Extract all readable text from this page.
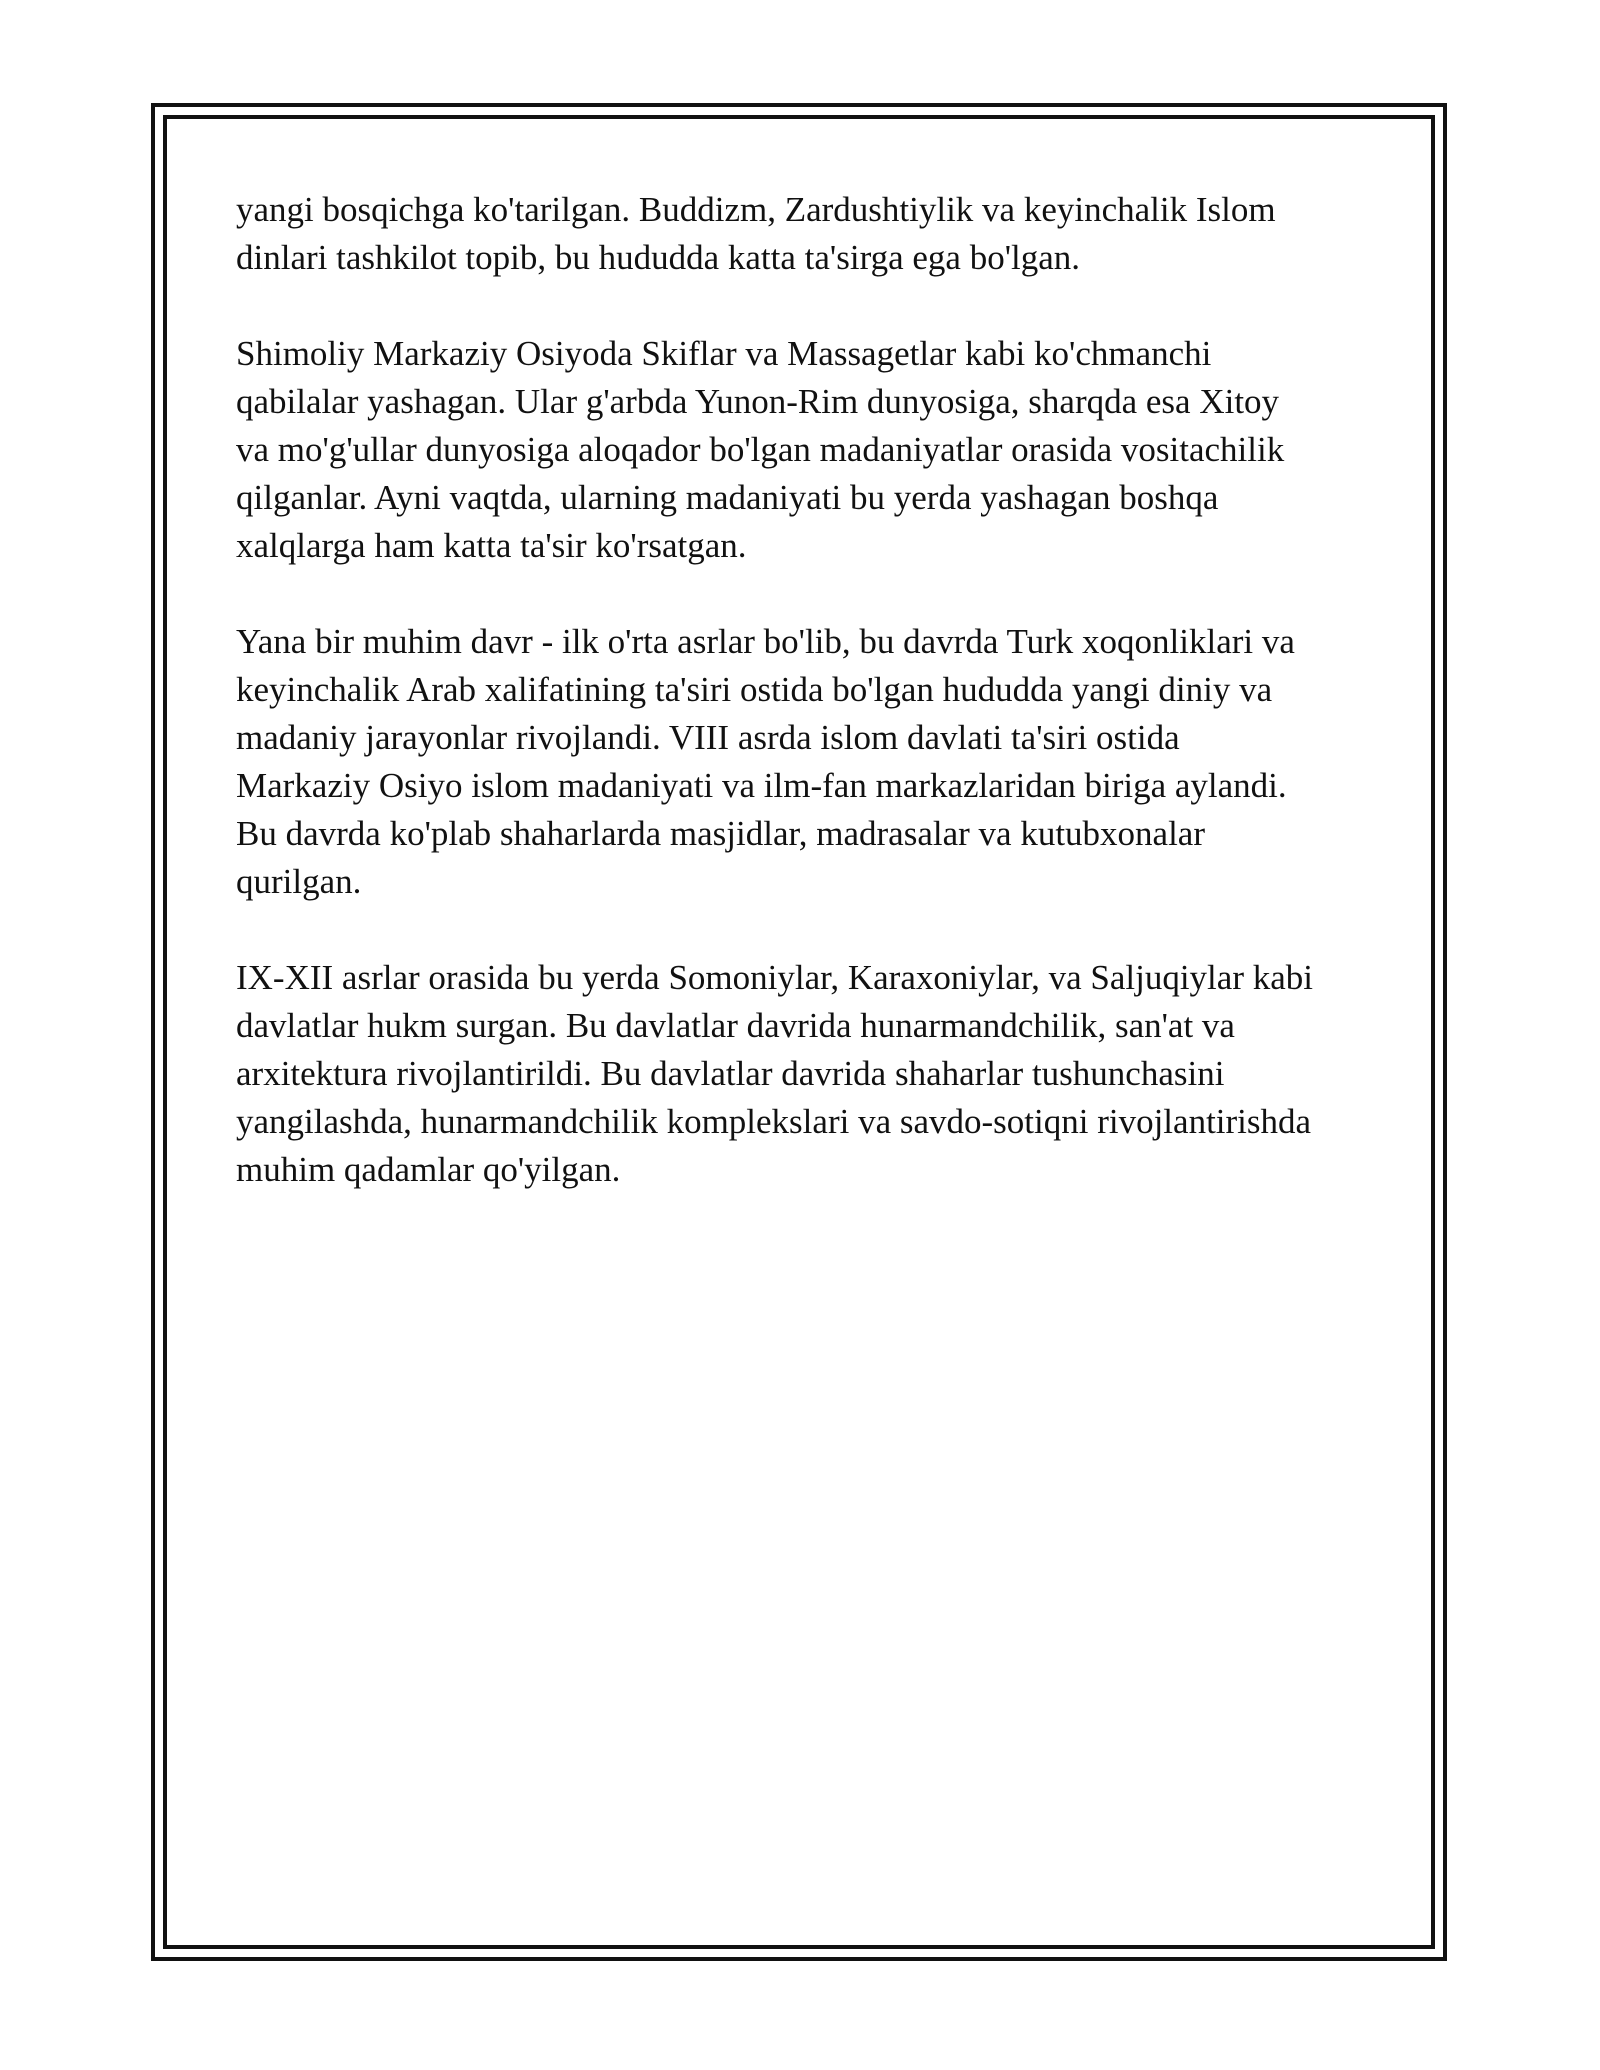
yangi bosqichga ko'tarilgan. Buddizm, Zardushtiylik va keyinchalik Islom
dinlari tashkilot topib, bu hududda katta ta'sirga ega bo'lgan.

Shimoliy Markaziy Osiyoda Skiflar va Massagetlar kabi ko'chmanchi
qabilalar yashagan. Ular g'arbda Yunon-Rim dunyosiga, sharqda esa Xitoy
va mo'g'ullar dunyosiga aloqador bo'lgan madaniyatlar orasida vositachilik
qilganlar. Ayni vaqtda, ularning madaniyati bu yerda yashagan boshqa
xalqlarga ham katta ta'sir ko'rsatgan.

Yana bir muhim davr - ilk o'rta asrlar bo'lib, bu davrda Turk xoqonliklari va
keyinchalik Arab xalifatining ta'siri ostida bo'lgan hududda yangi diniy va
madaniy jarayonlar rivojlandi. VIII asrda islom davlati ta'siri ostida
Markaziy Osiyo islom madaniyati va ilm-fan markazlaridan biriga aylandi.
Bu davrda ko'plab shaharlarda masjidlar, madrasalar va kutubxonalar
qurilgan.

IX-XII asrlar orasida bu yerda Somoniylar, Karaxoniylar, va Saljuqiylar kabi
davlatlar hukm surgan. Bu davlatlar davrida hunarmandchilik, san'at va
arxitektura rivojlantirildi. Bu davlatlar davrida shaharlar tushunchasini
yangilashda, hunarmandchilik komplekslari va savdo-sotiqni rivojlantirishda
muhim qadamlar qo'yilgan.
